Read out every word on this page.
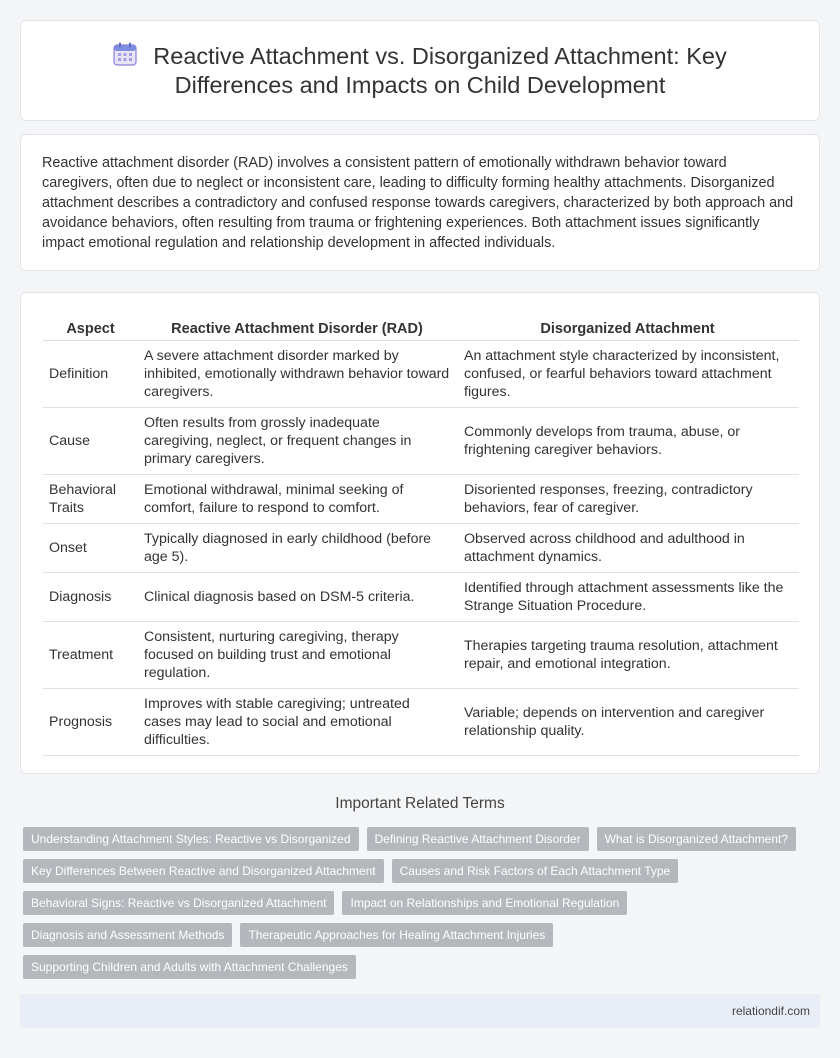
Reactive Attachment vs. Disorganized Attachment: Key Differences and Impacts on Child Development

Reactive attachment disorder (RAD) involves a consistent pattern of emotionally withdrawn behavior toward caregivers, often due to neglect or inconsistent care, leading to difficulty forming healthy attachments. Disorganized attachment describes a contradictory and confused response towards caregivers, characterized by both approach and avoidance behaviors, often resulting from trauma or frightening experiences. Both attachment issues significantly impact emotional regulation and relationship development in affected individuals.

Aspect	Reactive Attachment Disorder (RAD)	Disorganized Attachment
Definition	A severe attachment disorder marked by inhibited, emotionally withdrawn behavior toward caregivers.	An attachment style characterized by inconsistent, confused, or fearful behaviors toward attachment figures.
Cause	Often results from grossly inadequate caregiving, neglect, or frequent changes in primary caregivers.	Commonly develops from trauma, abuse, or frightening caregiver behaviors.
Behavioral Traits	Emotional withdrawal, minimal seeking of comfort, failure to respond to comfort.	Disoriented responses, freezing, contradictory behaviors, fear of caregiver.
Onset	Typically diagnosed in early childhood (before age 5).	Observed across childhood and adulthood in attachment dynamics.
Diagnosis	Clinical diagnosis based on DSM-5 criteria.	Identified through attachment assessments like the Strange Situation Procedure.
Treatment	Consistent, nurturing caregiving, therapy focused on building trust and emotional regulation.	Therapies targeting trauma resolution, attachment repair, and emotional integration.
Prognosis	Improves with stable caregiving; untreated cases may lead to social and emotional difficulties.	Variable; depends on intervention and caregiver relationship quality.
Important Related Terms
Understanding Attachment Styles: Reactive vs Disorganized	Defining Reactive Attachment Disorder	What is Disorganized Attachment?
Key Differences Between Reactive and Disorganized Attachment	Causes and Risk Factors of Each Attachment Type
Behavioral Signs: Reactive vs Disorganized Attachment	Impact on Relationships and Emotional Regulation
Diagnosis and Assessment Methods	Therapeutic Approaches for Healing Attachment Injuries
Supporting Children and Adults with Attachment Challenges
relationdif.com
